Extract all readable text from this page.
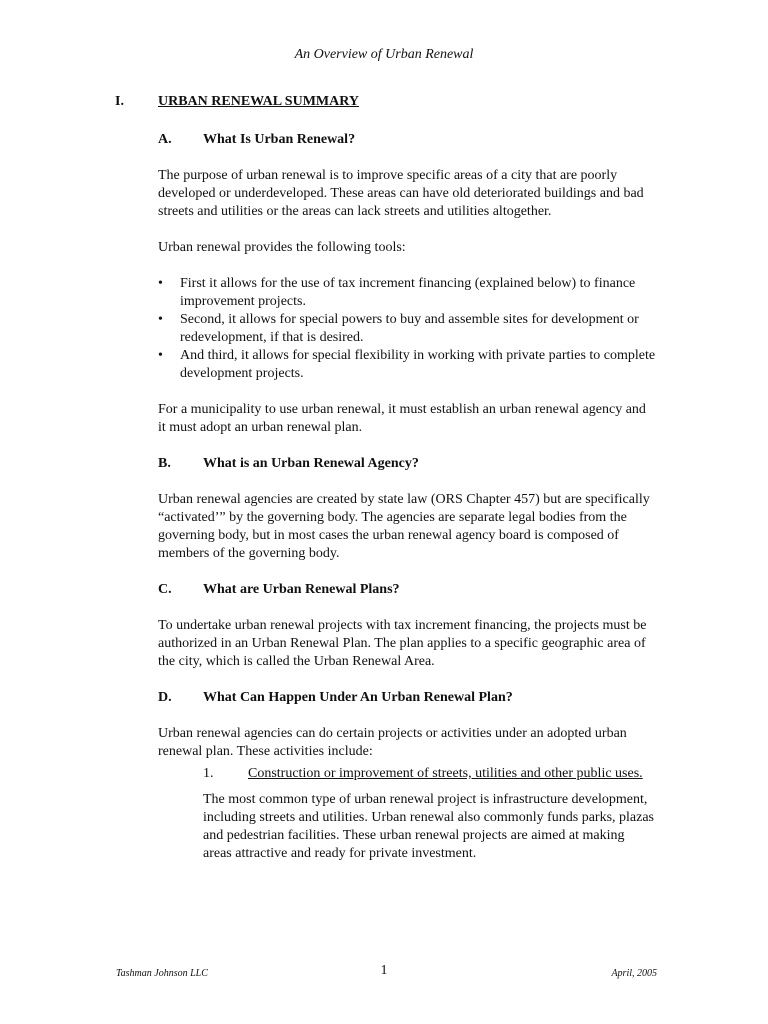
An Overview of Urban Renewal
I. URBAN RENEWAL SUMMARY
A. What Is Urban Renewal?

The purpose of urban renewal is to improve specific areas of a city that are poorly developed or underdeveloped. These areas can have old deteriorated buildings and bad streets and utilities or the areas can lack streets and utilities altogether.

Urban renewal provides the following tools:

• First it allows for the use of tax increment financing (explained below) to finance improvement projects.
• Second, it allows for special powers to buy and assemble sites for development or redevelopment, if that is desired.
• And third, it allows for special flexibility in working with private parties to complete development projects.

For a municipality to use urban renewal, it must establish an urban renewal agency and it must adopt an urban renewal plan.

B. What is an Urban Renewal Agency?

Urban renewal agencies are created by state law (ORS Chapter 457) but are specifically “activated’” by the governing body. The agencies are separate legal bodies from the governing body, but in most cases the urban renewal agency board is composed of members of the governing body.

C. What are Urban Renewal Plans?

To undertake urban renewal projects with tax increment financing, the projects must be authorized in an Urban Renewal Plan. The plan applies to a specific geographic area of the city, which is called the Urban Renewal Area.

D. What Can Happen Under An Urban Renewal Plan?

Urban renewal agencies can do certain projects or activities under an adopted urban renewal plan. These activities include:

1. Construction or improvement of streets, utilities and other public uses.

The most common type of urban renewal project is infrastructure development, including streets and utilities. Urban renewal also commonly funds parks, plazas and pedestrian facilities. These urban renewal projects are aimed at making areas attractive and ready for private investment.

Tashman Johnson LLC	1	April, 2005
